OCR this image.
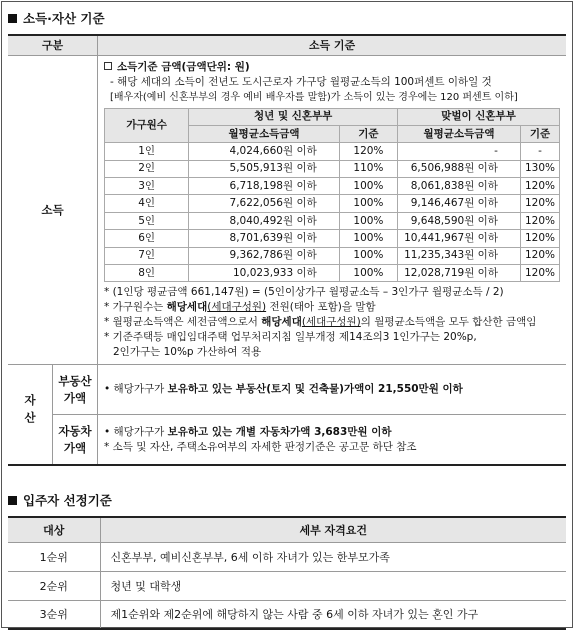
소득·자산 기준
구분	소득 기준
소득	
소득기준 금액(금액단위: 원)
- 해당 세대의 소득이 전년도 도시근로자 가구당 월평균소득의 100퍼센트 이하일 것
[배우자(예비 신혼부부의 경우 예비 배우자를 말함)가 소득이 있는 경우에는 120 퍼센트 이하]
가구원수	청년 및 신혼부부	맞벌이 신혼부부
월평균소득금액	기준	월평균소득금액	기준
1인	4,024,660원 이하	120%	-	-
2인	5,505,913원 이하	110%	6,506,988원 이하	130%
3인	6,718,198원 이하	100%	8,061,838원 이하	120%
4인	7,622,056원 이하	100%	9,146,467원 이하	120%
5인	8,040,492원 이하	100%	9,648,590원 이하	120%
6인	8,701,639원 이하	100%	10,441,967원 이하	120%
7인	9,362,786원 이하	100%	11,235,343원 이하	120%
8인	10,023,933 이하	100%	12,028,719원 이하	120%
* (1인당 평균금액 661,147원) = (5인이상가구 월평균소득 – 3인가구 월평균소득 / 2)
* 가구원수는 해당세대(세대구성원) 전원(태아 포함)을 말함
* 월평균소득액은 세전금액으로서 해당세대(세대구성원)의 월평균소득액을 모두 합산한 금액임
* 기준주택등 매입임대주택 업무처리지침 일부개정 제14조의3 1인가구는 20%p,
2인가구는 10%p 가산하여 적용

자산	
부동산
가액
	• 해당가구가 보유하고 있는 부동산(토지 및 건축물)가액이 21,550만원 이하

자동차
가액

• 해당가구가 보유하고 있는 개별 자동차가액 3,683만원 이하
* 소득 및 자산, 주택소유여부의 자세한 판정기준은 공고문 하단 참조
입주자 선정기준
대상	세부 자격요건
1순위	신혼부부, 예비신혼부부, 6세 이하 자녀가 있는 한부모가족
2순위	청년 및 대학생
3순위	제1순위와 제2순위에 해당하지 않는 사람 중 6세 이하 자녀가 있는 혼인 가구
